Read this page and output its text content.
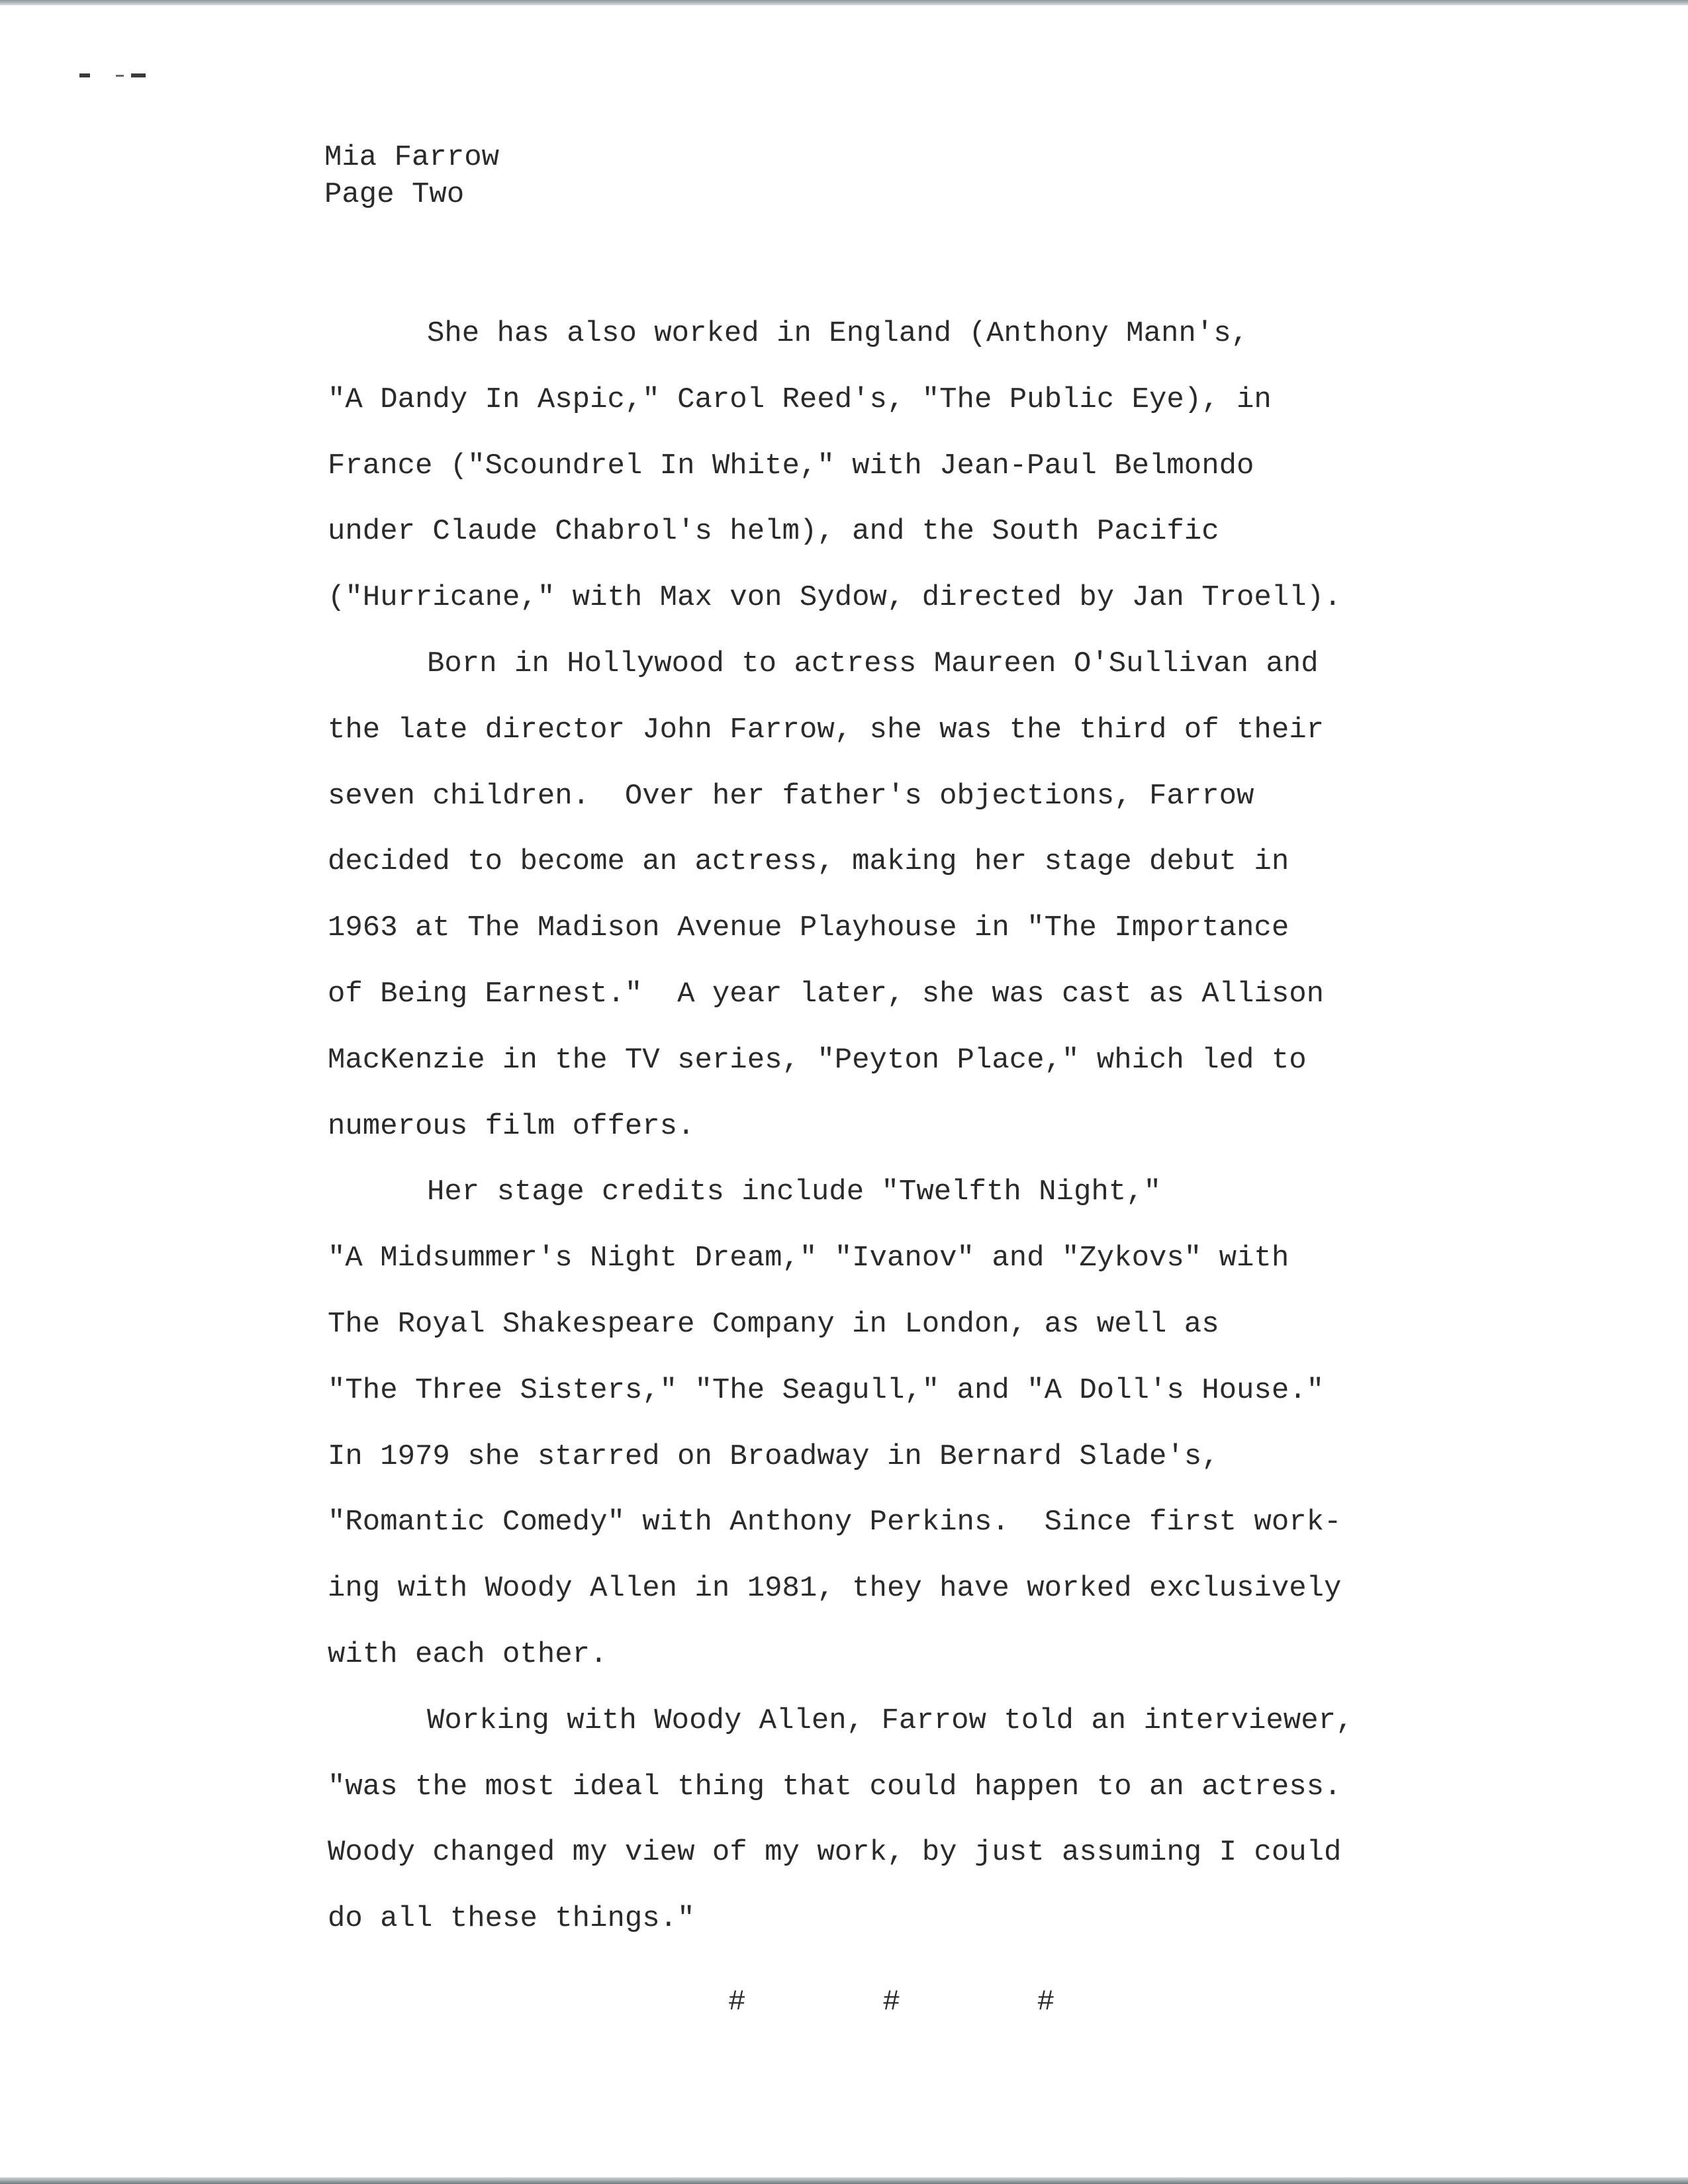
Mia Farrow
Page Two
She has also worked in England (Anthony Mann's,
"A Dandy In Aspic," Carol Reed's, "The Public Eye), in
France ("Scoundrel In White," with Jean-Paul Belmondo
under Claude Chabrol's helm), and the South Pacific
("Hurricane," with Max von Sydow, directed by Jan Troell).
Born in Hollywood to actress Maureen O'Sullivan and
the late director John Farrow, she was the third of their
seven children.  Over her father's objections, Farrow
decided to become an actress, making her stage debut in
1963 at The Madison Avenue Playhouse in "The Importance
of Being Earnest."  A year later, she was cast as Allison
MacKenzie in the TV series, "Peyton Place," which led to
numerous film offers.
Her stage credits include "Twelfth Night,"
"A Midsummer's Night Dream," "Ivanov" and "Zykovs" with
The Royal Shakespeare Company in London, as well as
"The Three Sisters," "The Seagull," and "A Doll's House."
In 1979 she starred on Broadway in Bernard Slade's,
"Romantic Comedy" with Anthony Perkins.  Since first work-
ing with Woody Allen in 1981, they have worked exclusively
with each other.
Working with Woody Allen, Farrow told an interviewer,
"was the most ideal thing that could happen to an actress.
Woody changed my view of my work, by just assuming I could
do all these things."
#	#	#
